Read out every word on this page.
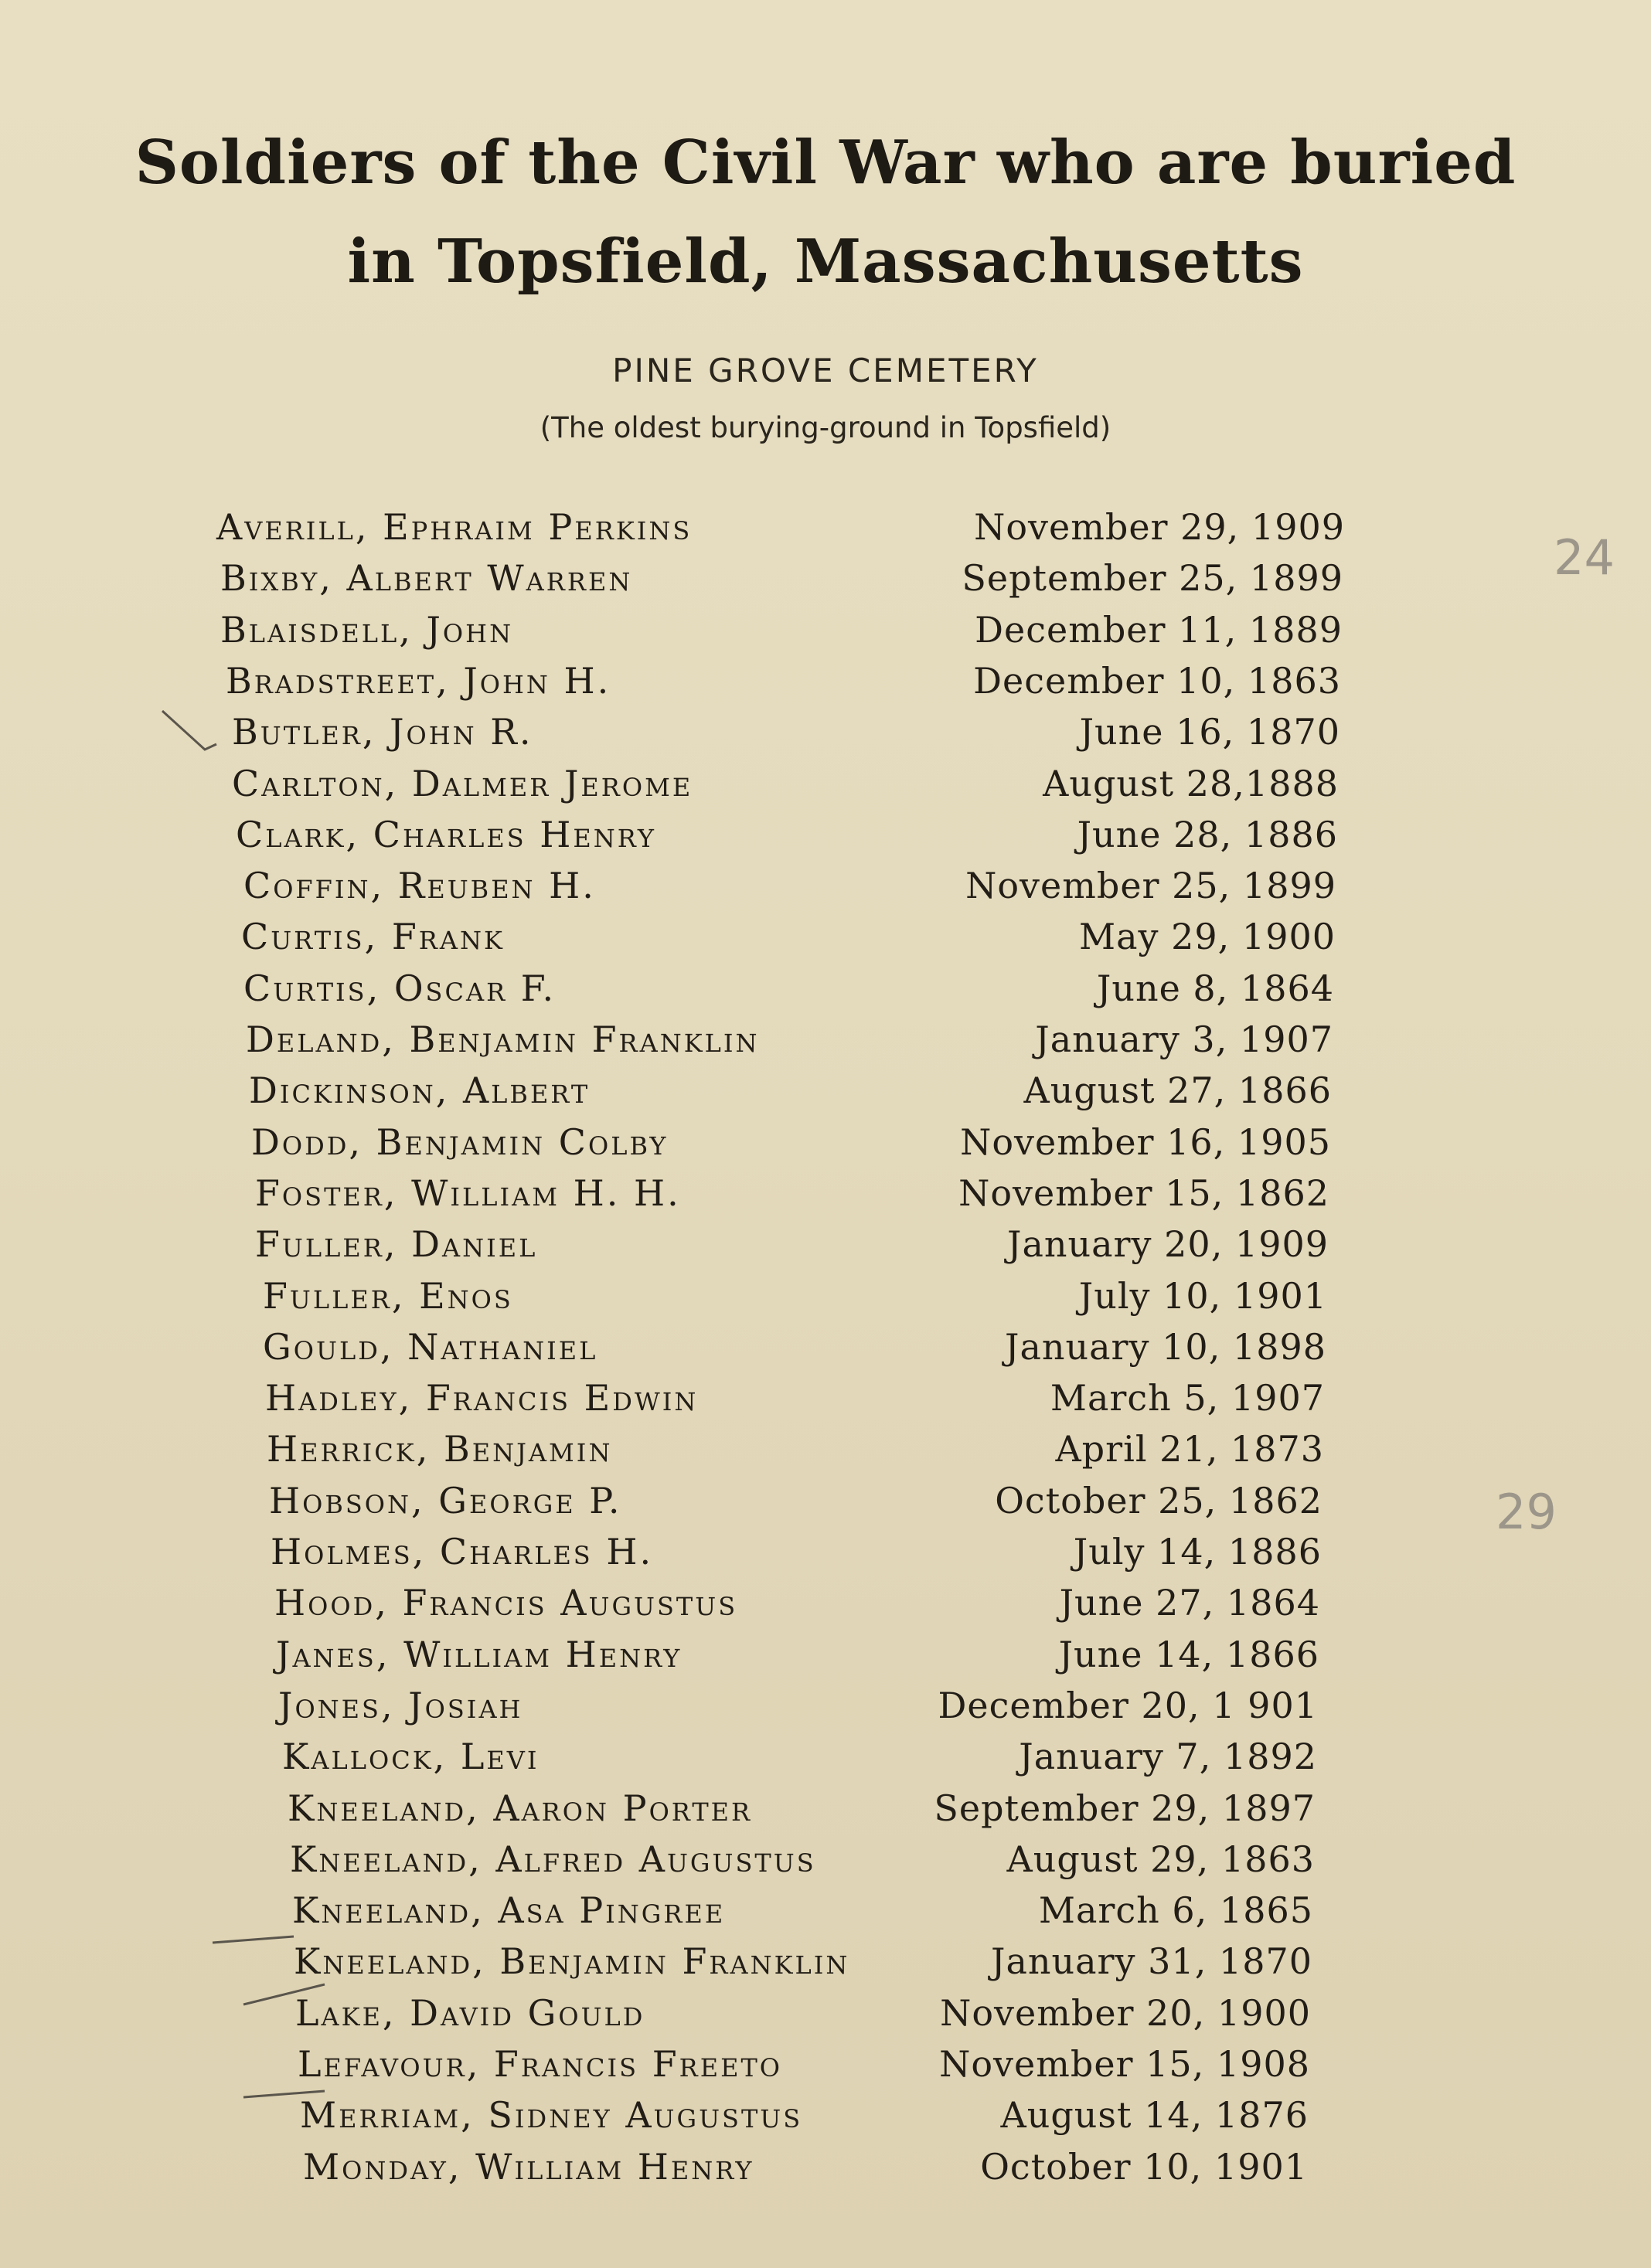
Soldiers of the Civil War who are buried
in Topsfield, Massachusetts
PINE GROVE CEMETERY
(The oldest burying-ground in Topsfield)
Averill, Ephraim Perkins	November 29, 1909
Bixby, Albert Warren	September 25, 1899
Blaisdell, John	December 11, 1889
Bradstreet, John H.	December 10, 1863
Butler, John R.	June 16, 1870
Carlton, Dalmer Jerome	August 28,1888
Clark, Charles Henry	June 28, 1886
Coffin, Reuben H.	November 25, 1899
Curtis, Frank	May 29, 1900
Curtis, Oscar F.	June 8, 1864
Deland, Benjamin Franklin	January 3, 1907
Dickinson, Albert	August 27, 1866
Dodd, Benjamin Colby	November 16, 1905
Foster, William H. H.	November 15, 1862
Fuller, Daniel	January 20, 1909
Fuller, Enos	July 10, 1901
Gould, Nathaniel	January 10, 1898
Hadley, Francis Edwin	March 5, 1907
Herrick, Benjamin	April 21, 1873
Hobson, George P.	October 25, 1862
Holmes, Charles H.	July 14, 1886
Hood, Francis Augustus	June 27, 1864
Janes, William Henry	June 14, 1866
Jones, Josiah	December 20, 1 901
Kallock, Levi	January 7, 1892
Kneeland, Aaron Porter	September 29, 1897
Kneeland, Alfred Augustus	August 29, 1863
Kneeland, Asa Pingree	March 6, 1865
Kneeland, Benjamin Franklin	January 31, 1870
Lake, David Gould	November 20, 1900
Lefavour, Francis Freeto	November 15, 1908
Merriam, Sidney Augustus	August 14, 1876
Monday, William Henry	October 10, 1901
24
29
